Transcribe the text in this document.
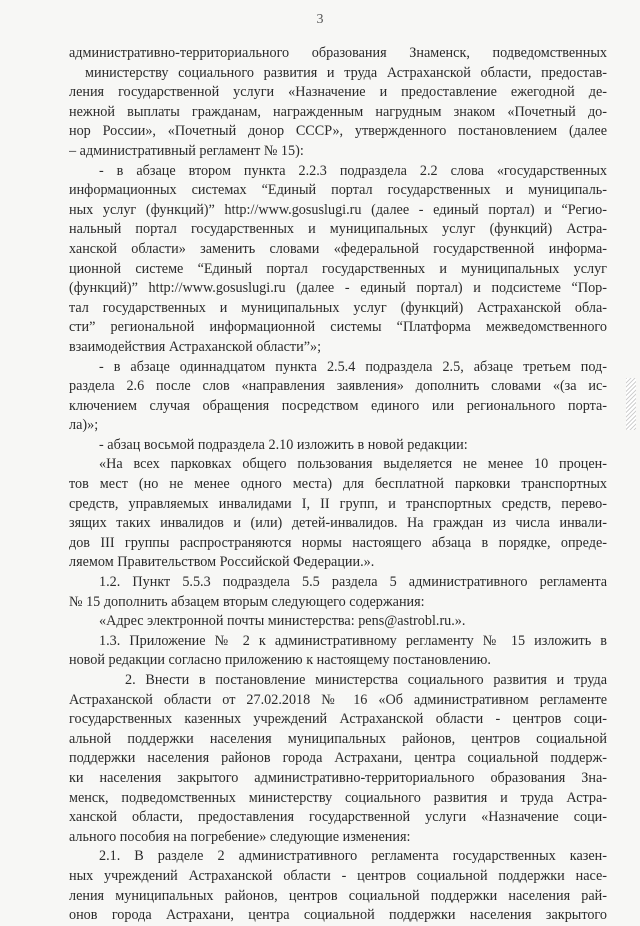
3
административно-территориального образования Знаменск, подведомственных
министерству социального развития и труда Астраханской области, предостав-
ления государственной услуги «Назначение и предоставление ежегодной де-
нежной выплаты гражданам, награжденным нагрудным знаком «Почетный до-
нор России», «Почетный донор СССР», утвержденного постановлением (далее
– административный регламент № 15):
- в абзаце втором пункта 2.2.3 подраздела 2.2 слова «государственных
информационных системах “Единый портал государственных и муниципаль-
ных услуг (функций)” http://www.gosuslugi.ru (далее - единый портал) и “Регио-
нальный портал государственных и муниципальных услуг (функций) Астра-
ханской области» заменить словами «федеральной государственной информа-
ционной системе “Единый портал государственных и муниципальных услуг
(функций)” http://www.gosuslugi.ru (далее - единый портал) и подсистеме “Пор-
тал государственных и муниципальных услуг (функций) Астраханской обла-
сти” региональной информационной системы “Платформа межведомственного
взаимодействия Астраханской области”»;
- в абзаце одиннадцатом пункта 2.5.4 подраздела 2.5, абзаце третьем под-
раздела 2.6 после слов «направления заявления» дополнить словами «(за ис-
ключением случая обращения посредством единого или регионального порта-
ла)»;
- абзац восьмой подраздела 2.10 изложить в новой редакции:
«На всех парковках общего пользования выделяется не менее 10 процен-
тов мест (но не менее одного места) для бесплатной парковки транспортных
средств, управляемых инвалидами I, II групп, и транспортных средств, перево-
зящих таких инвалидов и (или) детей-инвалидов. На граждан из числа инвали-
дов III группы распространяются нормы настоящего абзаца в порядке, опреде-
ляемом Правительством Российской Федерации.».
1.2. Пункт 5.5.3 подраздела 5.5 раздела 5 административного регламента
№ 15 дополнить абзацем вторым следующего содержания:
«Адрес электронной почты министерства: pens@astrobl.ru.».
1.3. Приложение № 2 к административному регламенту № 15 изложить в
новой редакции согласно приложению к настоящему постановлению.
2. Внести в постановление министерства социального развития и труда
Астраханской области от 27.02.2018 № 16 «Об административном регламенте
государственных казенных учреждений Астраханской области - центров соци-
альной поддержки населения муниципальных районов, центров социальной
поддержки населения районов города Астрахани, центра социальной поддерж-
ки населения закрытого административно-территориального образования Зна-
менск, подведомственных министерству социального развития и труда Астра-
ханской области, предоставления государственной услуги «Назначение соци-
ального пособия на погребение» следующие изменения:
2.1. В разделе 2 административного регламента государственных казен-
ных учреждений Астраханской области - центров социальной поддержки насе-
ления муниципальных районов, центров социальной поддержки населения рай-
онов города Астрахани, центра социальной поддержки населения закрытого
